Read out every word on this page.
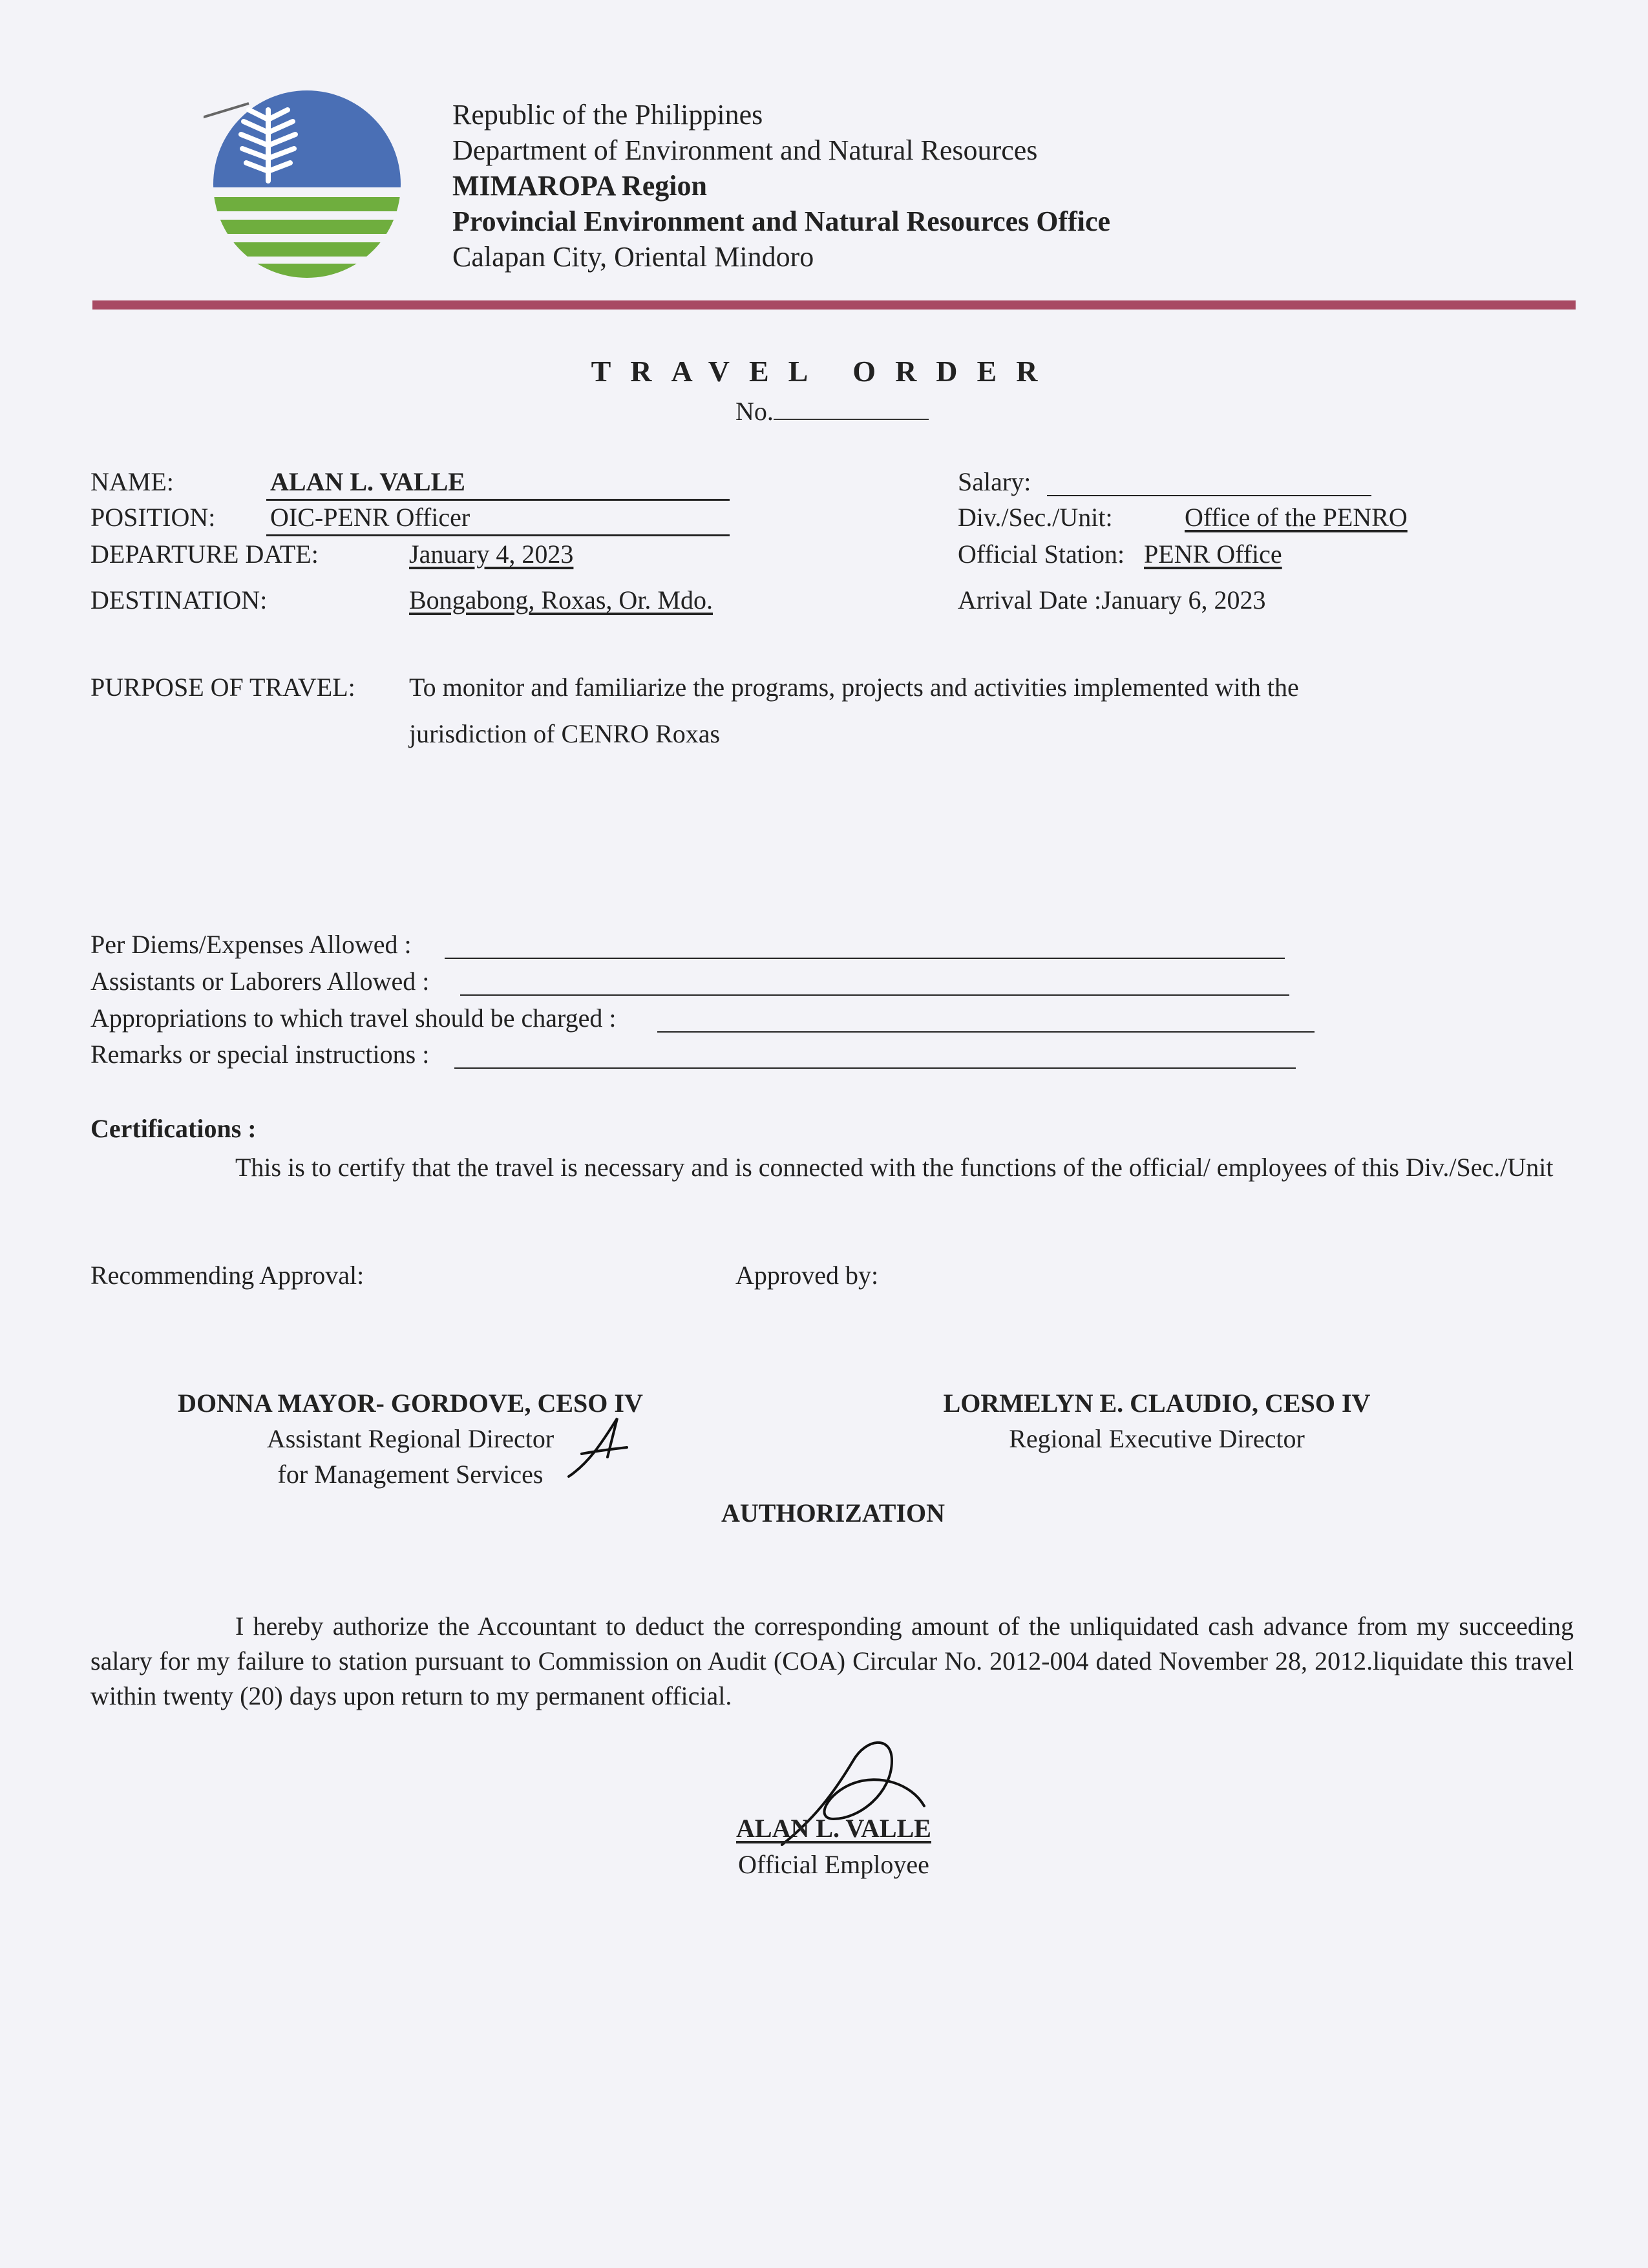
Republic of the Philippines
Department of Environment and Natural Resources
MIMAROPA Region
Provincial Environment and Natural Resources Office
Calapan City, Oriental Mindoro
TRAVEL ORDER
No.
NAME:	ALAN L. VALLE
POSITION: OIC-PENR Officer
DEPARTURE DATE:	January 4, 2023
DESTINATION:	Bongabong, Roxas, Or. Mdo.
Salary:
Div./Sec./Unit:	Office of the PENRO
Official Station: PENR Office
Arrival Date :January 6, 2023
PURPOSE OF TRAVEL: To monitor and familiarize the programs, projects and activities implemented with the
jurisdiction of CENRO Roxas
Per Diems/Expenses Allowed :
Assistants or Laborers Allowed :
Appropriations to which travel should be charged :
Remarks or special instructions :
Certifications :
This is to certify that the travel is necessary and is connected with the functions of the official/ employees of this Div./Sec./Unit
Recommending Approval:	Approved by:
DONNA MAYOR- GORDOVE, CESO IV
Assistant Regional Director
for Management Services
LORMELYN E. CLAUDIO, CESO IV
Regional Executive Director
AUTHORIZATION
I hereby authorize the Accountant to deduct the corresponding amount of the unliquidated cash advance from my succeeding salary for my failure to station pursuant to Commission on Audit (COA) Circular No. 2012-004 dated November 28, 2012.liquidate this travel within twenty (20) days upon return to my permanent official.
ALAN L. VALLE
Official Employee
